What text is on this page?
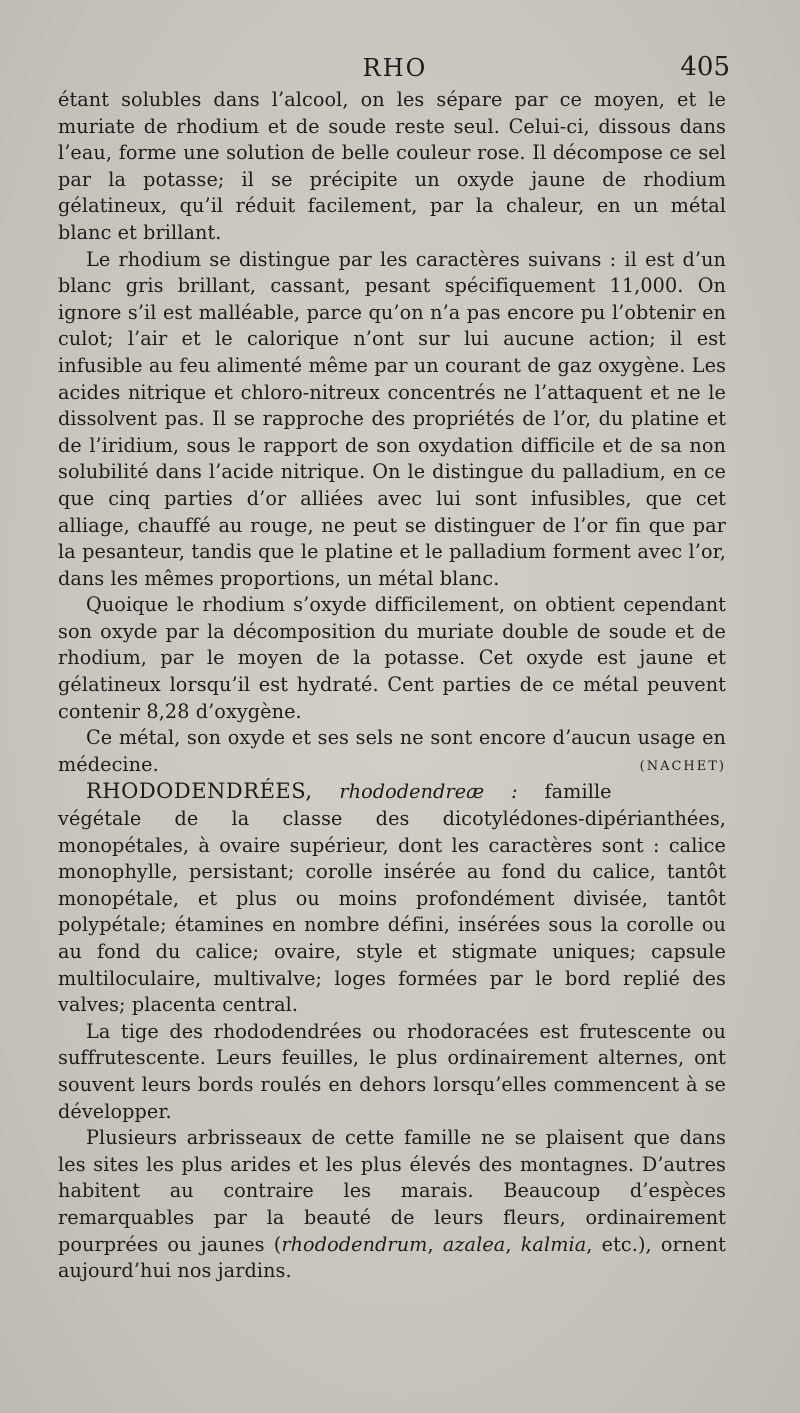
RHO	405

étant solubles dans l’alcool, on les sépare par ce moyen, et le muriate de rhodium et de soude reste seul. Celui-ci, dissous dans l’eau, forme une solution de belle couleur rose. Il décompose ce sel par la potasse; il se précipite un oxyde jaune de rhodium gélatineux, qu’il réduit facilement, par la chaleur, en un métal blanc et brillant.

Le rhodium se distingue par les caractères suivans : il est d’un blanc gris brillant, cassant, pesant spécifiquement 11,000. On ignore s’il est malléable, parce qu’on n’a pas encore pu l’obtenir en culot; l’air et le calorique n’ont sur lui aucune action; il est infusible au feu alimenté même par un courant de gaz oxygène. Les acides nitrique et chloro-nitreux concentrés ne l’attaquent et ne le dissolvent pas. Il se rapproche des propriétés de l’or, du platine et de l’iridium, sous le rapport de son oxydation difficile et de sa non solubilité dans l’acide nitrique. On le distingue du palladium, en ce que cinq parties d’or alliées avec lui sont infusibles, que cet alliage, chauffé au rouge, ne peut se distinguer de l’or fin que par la pesanteur, tandis que le platine et le palladium forment avec l’or, dans les mêmes proportions, un métal blanc.

Quoique le rhodium s’oxyde difficilement, on obtient cependant son oxyde par la décomposition du muriate double de soude et de rhodium, par le moyen de la potasse. Cet oxyde est jaune et gélatineux lorsqu’il est hydraté. Cent parties de ce métal peuvent contenir 8,28 d’oxygène.

Ce métal, son oxyde et ses sels ne sont encore d’aucun usage en médecine.	(NACHET)

RHODODENDRÉES, rhododendreæ : famille végétale de la classe des dicotylédones-dipérianthées, monopétales, à ovaire supérieur, dont les caractères sont : calice monophylle, persistant; corolle insérée au fond du calice, tantôt monopétale, et plus ou moins profondément divisée, tantôt polypétale; étamines en nombre défini, insérées sous la corolle ou au fond du calice; ovaire, style et stigmate uniques; capsule multiloculaire, multivalve; loges formées par le bord replié des valves; placenta central.

La tige des rhododendrées ou rhodoracées est frutescente ou suffrutescente. Leurs feuilles, le plus ordinairement alternes, ont souvent leurs bords roulés en dehors lorsqu’elles commencent à se développer.

Plusieurs arbrisseaux de cette famille ne se plaisent que dans les sites les plus arides et les plus élevés des montagnes. D’autres habitent au contraire les marais. Beaucoup d’espèces remarquables par la beauté de leurs fleurs, ordinairement pourprées ou jaunes (rhododendrum, azalea, kalmia, etc.), ornent aujourd’hui nos jardins.
